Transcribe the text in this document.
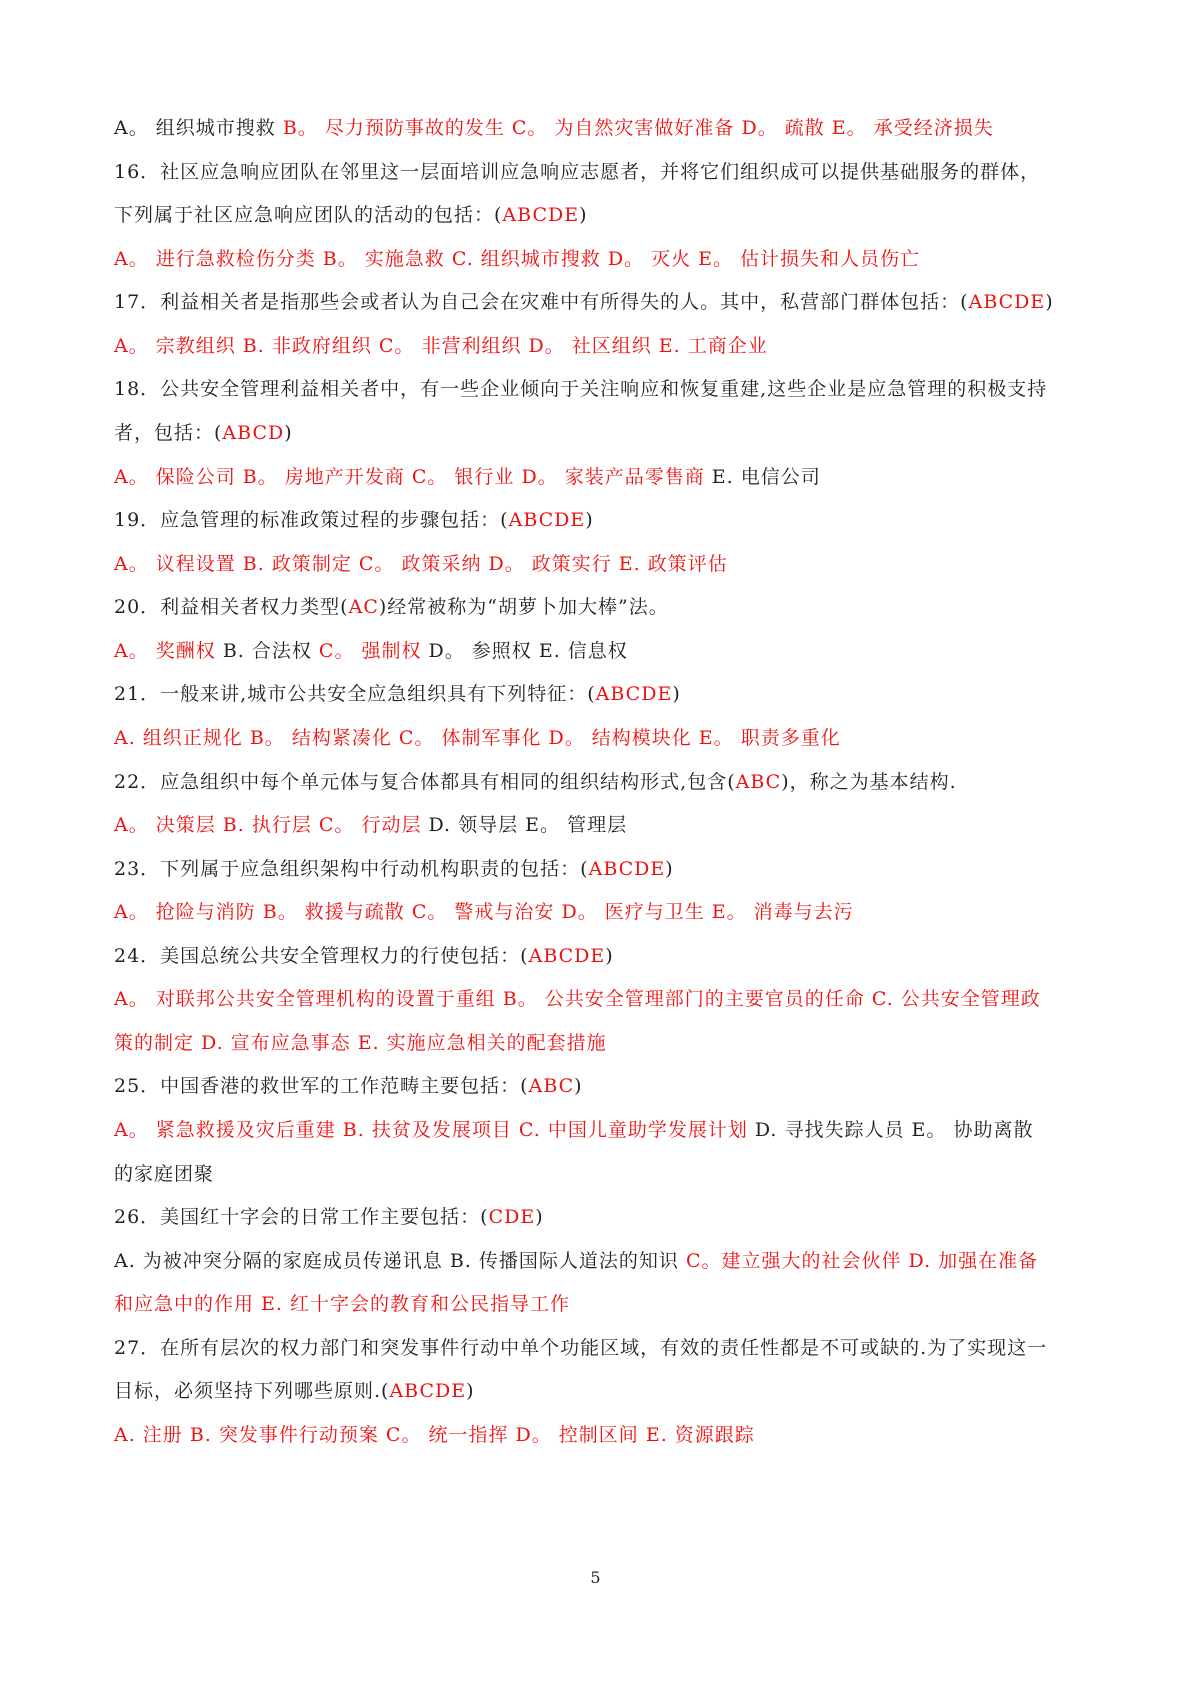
A。 组织城市搜救 B。 尽力预防事故的发生 C。 为自然灾害做好准备 D。 疏散 E。 承受经济损失
16．社区应急响应团队在邻里这一层面培训应急响应志愿者，并将它们组织成可以提供基础服务的群体，
下列属于社区应急响应团队的活动的包括：(ABCDE)
A。 进行急救检伤分类 B。 实施急救 C. 组织城市搜救 D。 灭火 E。 估计损失和人员伤亡
17．利益相关者是指那些会或者认为自己会在灾难中有所得失的人。其中，私营部门群体包括：(ABCDE)
A。 宗教组织 B. 非政府组织 C。 非营利组织 D。 社区组织 E. 工商企业
18．公共安全管理利益相关者中，有一些企业倾向于关注响应和恢复重建,这些企业是应急管理的积极支持
者，包括：(ABCD)
A。 保险公司 B。 房地产开发商 C。 银行业 D。 家装产品零售商 E. 电信公司
19．应急管理的标准政策过程的步骤包括：(ABCDE)
A。 议程设置 B. 政策制定 C。 政策采纳 D。 政策实行 E. 政策评估
20．利益相关者权力类型(AC)经常被称为“胡萝卜加大棒”法。
A。 奖酬权 B. 合法权 C。 强制权 D。 参照权 E. 信息权
21．一般来讲,城市公共安全应急组织具有下列特征：(ABCDE)
A. 组织正规化 B。 结构紧凑化 C。 体制军事化 D。 结构模块化 E。 职责多重化
22．应急组织中每个单元体与复合体都具有相同的组织结构形式,包含(ABC)，称之为基本结构.
A。 决策层 B. 执行层 C。 行动层 D. 领导层 E。 管理层
23．下列属于应急组织架构中行动机构职责的包括：(ABCDE)
A。 抢险与消防 B。 救援与疏散 C。 警戒与治安 D。 医疗与卫生 E。 消毒与去污
24．美国总统公共安全管理权力的行使包括：(ABCDE)
A。 对联邦公共安全管理机构的设置于重组 B。 公共安全管理部门的主要官员的任命 C. 公共安全管理政
策的制定 D. 宣布应急事态 E. 实施应急相关的配套措施
25．中国香港的救世军的工作范畴主要包括：(ABC)
A。 紧急救援及灾后重建 B. 扶贫及发展项目 C. 中国儿童助学发展计划 D. 寻找失踪人员 E。 协助离散
的家庭团聚
26．美国红十字会的日常工作主要包括：(CDE)
A. 为被冲突分隔的家庭成员传递讯息 B. 传播国际人道法的知识 C。建立强大的社会伙伴 D. 加强在准备
和应急中的作用 E. 红十字会的教育和公民指导工作
27．在所有层次的权力部门和突发事件行动中单个功能区域，有效的责任性都是不可或缺的.为了实现这一
目标，必须坚持下列哪些原则.(ABCDE)
A. 注册 B. 突发事件行动预案 C。 统一指挥 D。 控制区间 E. 资源跟踪
5
